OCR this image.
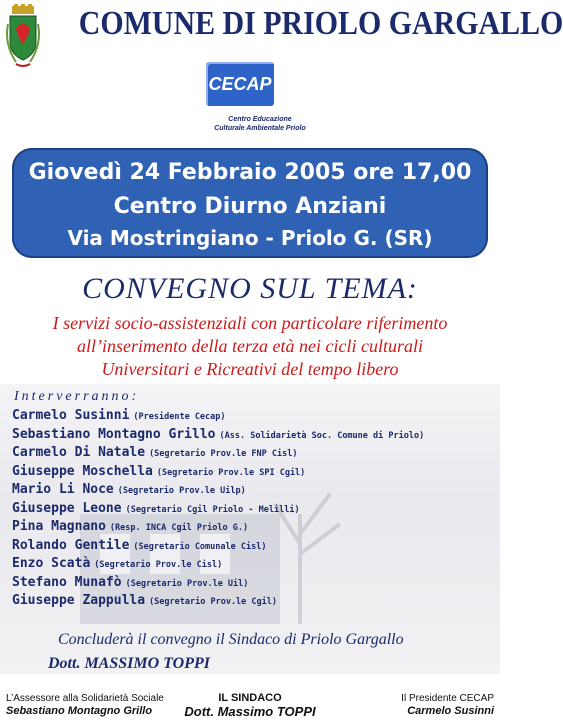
COMUNE DI PRIOLO GARGALLO
CECAP
Centro Educazione
Culturale Ambientale Priolo
Giovedì 24 Febbraio 2005 ore 17,00
Centro Diurno Anziani
Via Mostringiano - Priolo G. (SR)
CONVEGNO SUL TEMA:
I servizi socio-assistenziali con particolare riferimento
all’inserimento della terza età nei cicli culturali
Universitari e Ricreativi del tempo libero
Interverranno:
Carmelo Susinni (Presidente Cecap)
Sebastiano Montagno Grillo (Ass. Solidarietà Soc. Comune di Priolo)
Carmelo Di Natale (Segretario Prov.le FNP Cisl)
Giuseppe Moschella (Segretario Prov.le SPI Cgil)
Mario Li Noce (Segretario Prov.le Uilp)
Giuseppe Leone (Segretario Cgil Priolo - Melilli)
Pina Magnano (Resp. INCA Cgil Priolo G.)
Rolando Gentile (Segretario Comunale Cisl)
Enzo Scatà (Segretario Prov.le Cisl)
Stefano Munafò (Segretario Prov.le Uil)
Giuseppe Zappulla (Segretario Prov.le Cgil)
Concluderà il convegno il Sindaco di Priolo Gargallo
Dott. MASSIMO TOPPI
L’Assessore alla Solidarietà Sociale
Sebastiano Montagno Grillo
IL SINDACO
Dott. Massimo TOPPI
Il Presidente CECAP
Carmelo Susinni
